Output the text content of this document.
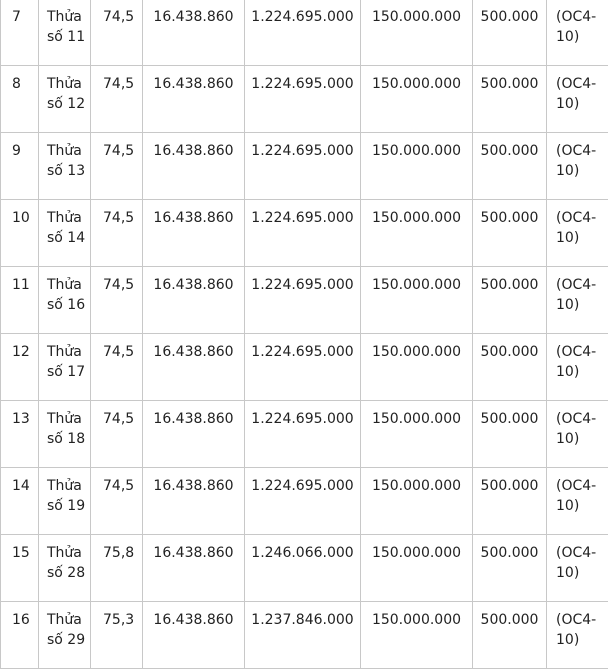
7	Thửa
số 11	74,5	16.438.860	1.224.695.000	150.000.000	500.000	(OC4-
10)

8	Thửa
số 12	74,5	16.438.860	1.224.695.000	150.000.000	500.000	(OC4-
10)

9	Thửa
số 13	74,5	16.438.860	1.224.695.000	150.000.000	500.000	(OC4-
10)

10	Thửa
số 14	74,5	16.438.860	1.224.695.000	150.000.000	500.000	(OC4-
10)

11	Thửa
số 16	74,5	16.438.860	1.224.695.000	150.000.000	500.000	(OC4-
10)

12	Thửa
số 17	74,5	16.438.860	1.224.695.000	150.000.000	500.000	(OC4-
10)

13	Thửa
số 18	74,5	16.438.860	1.224.695.000	150.000.000	500.000	(OC4-
10)

14	Thửa
số 19	74,5	16.438.860	1.224.695.000	150.000.000	500.000	(OC4-
10)

15	Thửa
số 28	75,8	16.438.860	1.246.066.000	150.000.000	500.000	(OC4-
10)

16	Thửa
số 29	75,3	16.438.860	1.237.846.000	150.000.000	500.000	(OC4-
10)
